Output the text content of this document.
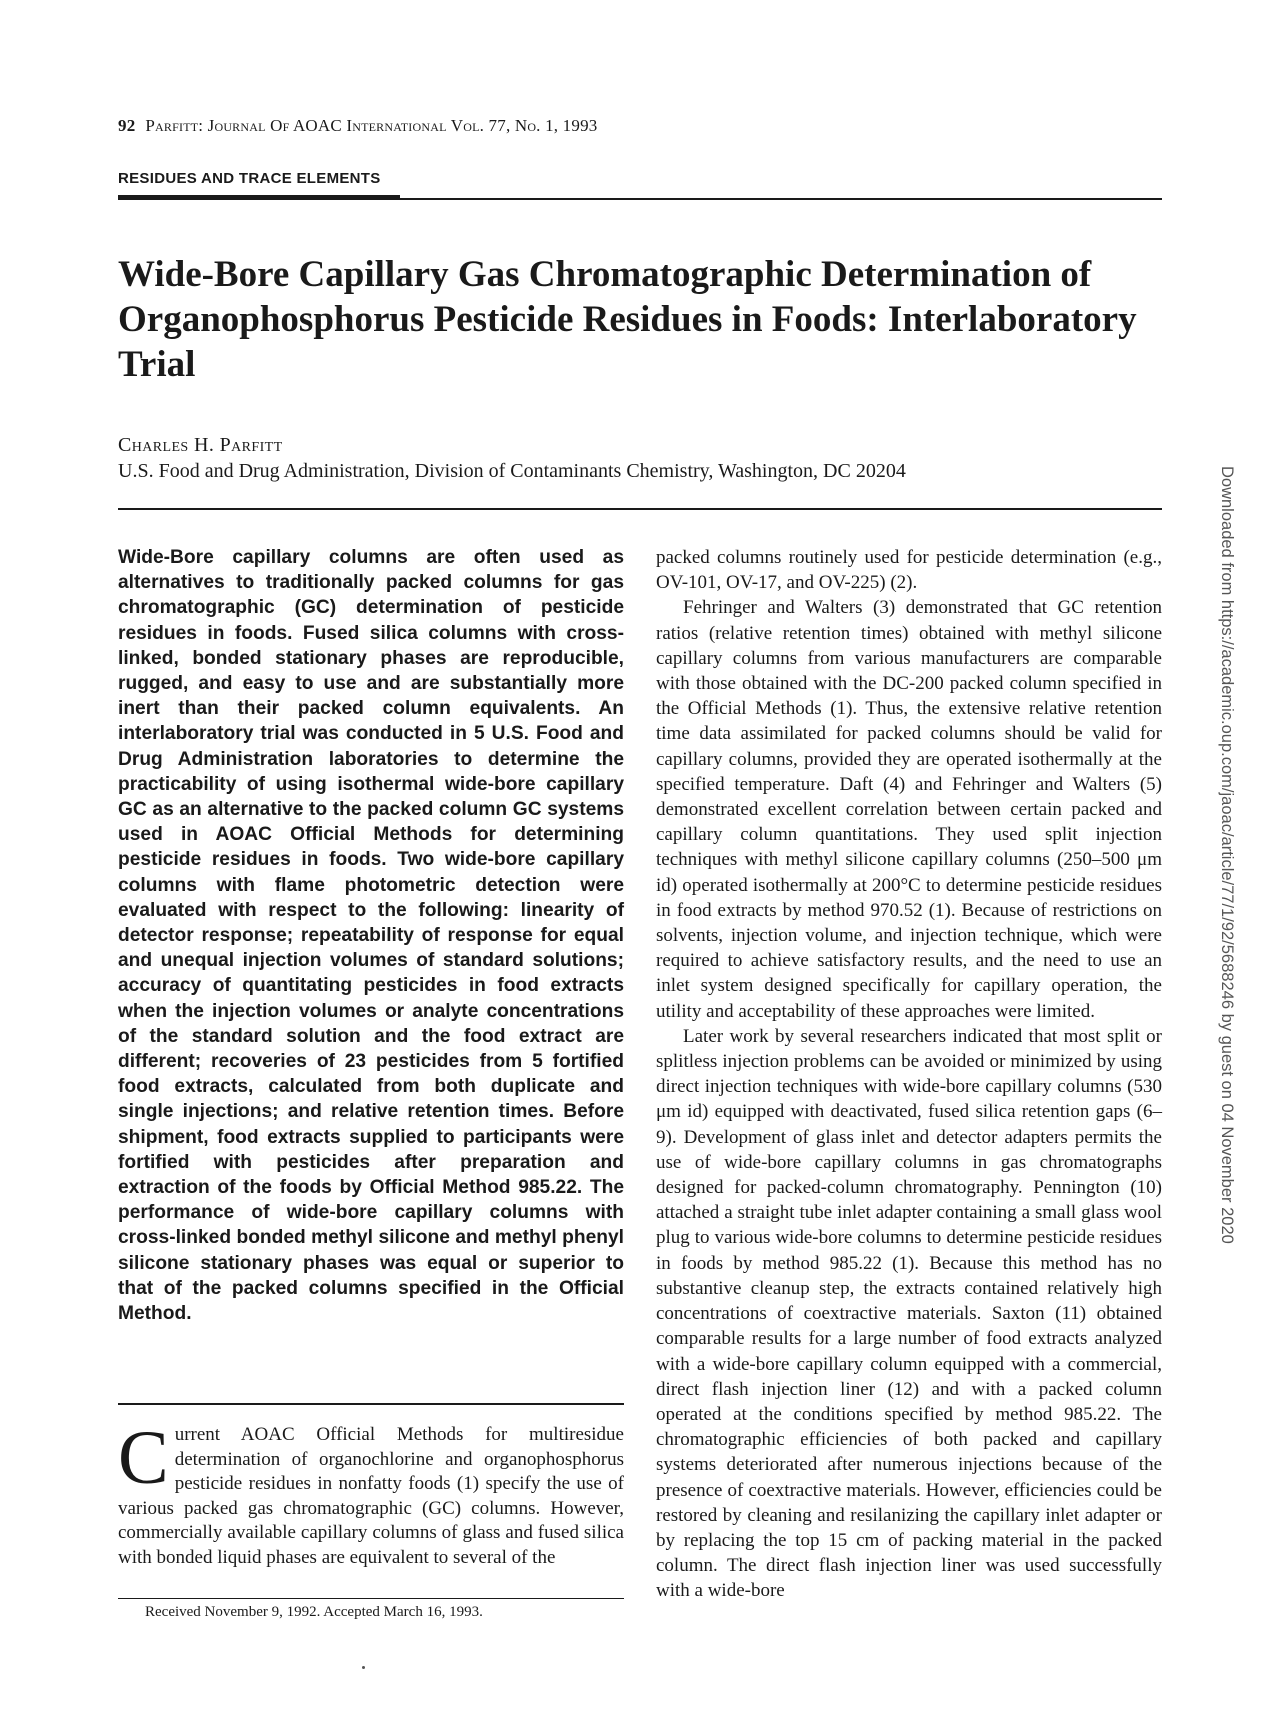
92 Parfitt: Journal Of AOAC International Vol. 77, No. 1, 1993
RESIDUES AND TRACE ELEMENTS
Wide-Bore Capillary Gas Chromatographic Determination of Organophosphorus Pesticide Residues in Foods: Interlaboratory Trial
Charles H. Parfitt
U.S. Food and Drug Administration, Division of Contaminants Chemistry, Washington, DC 20204

Wide-Bore capillary columns are often used as alternatives to traditionally packed columns for gas chromatographic (GC) determination of pesticide residues in foods. Fused silica columns with cross-linked, bonded stationary phases are reproducible, rugged, and easy to use and are substantially more inert than their packed column equivalents. An interlaboratory trial was conducted in 5 U.S. Food and Drug Administration laboratories to determine the practicability of using isothermal wide-bore capillary GC as an alternative to the packed column GC systems used in AOAC Official Methods for determining pesticide residues in foods. Two wide-bore capillary columns with flame photometric detection were evaluated with respect to the following: linearity of detector response; repeatability of response for equal and unequal injection volumes of standard solutions; accuracy of quantitating pesticides in food extracts when the injection volumes or analyte concentrations of the standard solution and the food extract are different; recoveries of 23 pesticides from 5 fortified food extracts, calculated from both duplicate and single injections; and relative retention times. Before shipment, food extracts supplied to participants were fortified with pesticides after preparation and extraction of the foods by Official Method 985.22. The performance of wide-bore capillary columns with cross-linked bonded methyl silicone and methyl phenyl silicone stationary phases was equal or superior to that of the packed columns specified in the Official Method.

Current AOAC Official Methods for multiresidue determination of organochlorine and organophosphorus pesticide residues in nonfatty foods (1) specify the use of various packed gas chromatographic (GC) columns. However, commercially available capillary columns of glass and fused silica with bonded liquid phases are equivalent to several of the

Received November 9, 1992. Accepted March 16, 1993.

packed columns routinely used for pesticide determination (e.g., OV-101, OV-17, and OV-225) (2).

Fehringer and Walters (3) demonstrated that GC retention ratios (relative retention times) obtained with methyl silicone capillary columns from various manufacturers are comparable with those obtained with the DC-200 packed column specified in the Official Methods (1). Thus, the extensive relative retention time data assimilated for packed columns should be valid for capillary columns, provided they are operated isothermally at the specified temperature. Daft (4) and Fehringer and Walters (5) demonstrated excellent correlation between certain packed and capillary column quantitations. They used split injection techniques with methyl silicone capillary columns (250–500 μm id) operated isothermally at 200°C to determine pesticide residues in food extracts by method 970.52 (1). Because of restrictions on solvents, injection volume, and injection technique, which were required to achieve satisfactory results, and the need to use an inlet system designed specifically for capillary operation, the utility and acceptability of these approaches were limited.

Later work by several researchers indicated that most split or splitless injection problems can be avoided or minimized by using direct injection techniques with wide-bore capillary columns (530 μm id) equipped with deactivated, fused silica retention gaps (6–9). Development of glass inlet and detector adapters permits the use of wide-bore capillary columns in gas chromatographs designed for packed-column chromatography. Pennington (10) attached a straight tube inlet adapter containing a small glass wool plug to various wide-bore columns to determine pesticide residues in foods by method 985.22 (1). Because this method has no substantive cleanup step, the extracts contained relatively high concentrations of coextractive materials. Saxton (11) obtained comparable results for a large number of food extracts analyzed with a wide-bore capillary column equipped with a commercial, direct flash injection liner (12) and with a packed column operated at the conditions specified by method 985.22. The chromatographic efficiencies of both packed and capillary systems deteriorated after numerous injections because of the presence of coextractive materials. However, efficiencies could be restored by cleaning and resilanizing the capillary inlet adapter or by replacing the top 15 cm of packing material in the packed column. The direct flash injection liner was used successfully with a wide-bore

Downloaded from https://academic.oup.com/jaoac/article/77/1/92/5688246 by guest on 04 November 2020
